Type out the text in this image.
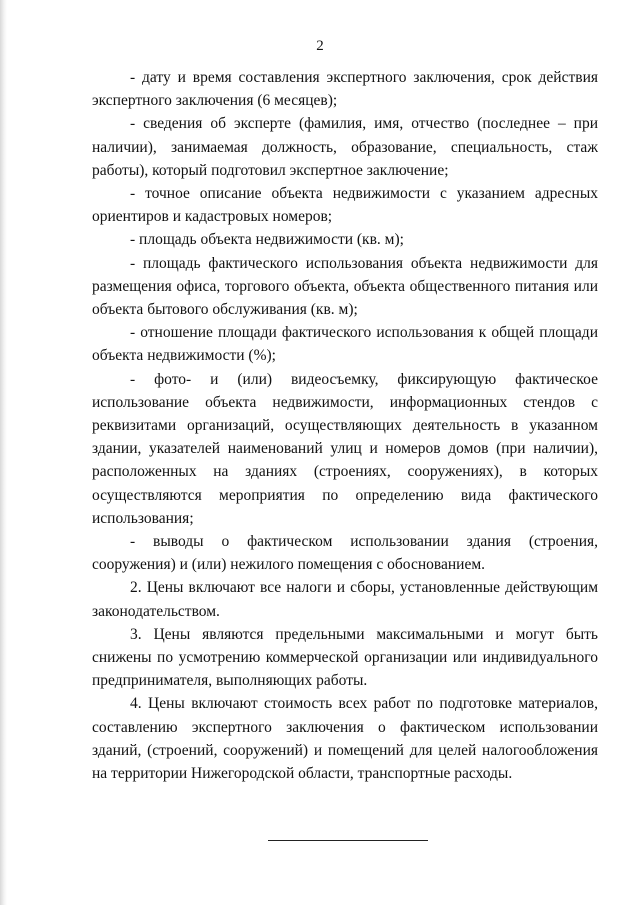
2

- дату и время составления экспертного заключения, срок действия экспертного заключения (6 месяцев);

- сведения об эксперте (фамилия, имя, отчество (последнее – при наличии), занимаемая должность, образование, специальность, стаж работы), который подготовил экспертное заключение;

- точное описание объекта недвижимости с указанием адресных ориентиров и кадастровых номеров;

- площадь объекта недвижимости (кв. м);

- площадь фактического использования объекта недвижимости для размещения офиса, торгового объекта, объекта общественного питания или объекта бытового обслуживания (кв. м);

- отношение площади фактического использования к общей площади объекта недвижимости (%);

- фото- и (или) видеосъемку, фиксирующую фактическое использование объекта недвижимости, информационных стендов с реквизитами организаций, осуществляющих деятельность в указанном здании, указателей наименований улиц и номеров домов (при наличии), расположенных на зданиях (строениях, сооружениях), в которых осуществляются мероприятия по определению вида фактического использования;

- выводы о фактическом использовании здания (строения, сооружения) и (или) нежилого помещения с обоснованием.

2. Цены включают все налоги и сборы, установленные действующим законодательством.

3. Цены являются предельными максимальными и могут быть снижены по усмотрению коммерческой организации или индивидуального предпринимателя, выполняющих работы.

4. Цены включают стоимость всех работ по подготовке материалов, составлению экспертного заключения о фактическом использовании зданий, (строений, сооружений) и помещений для целей налогообложения на территории Нижегородской области, транспортные расходы.
